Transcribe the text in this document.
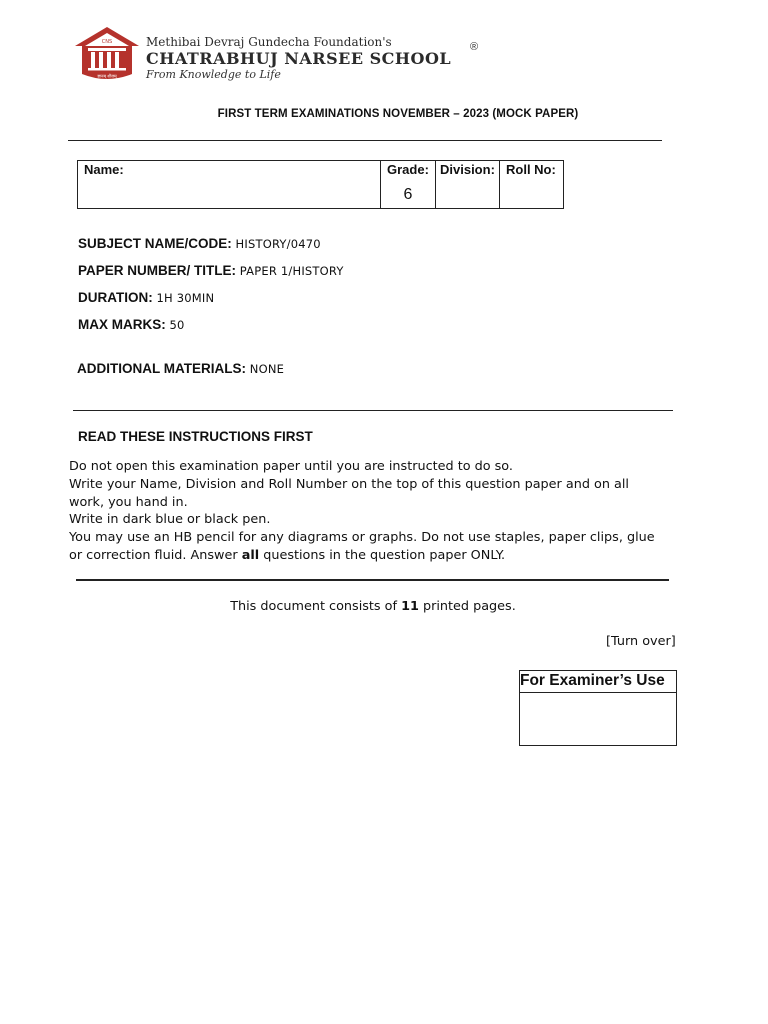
CNS
ज्ञानम् शीलम्
Methibai Devraj Gundecha Foundation's
CHATRABHUJ NARSEE SCHOOL
®
From Knowledge to Life
FIRST TERM EXAMINATIONS NOVEMBER – 2023 (MOCK PAPER)
Name:	Grade:
6
Division: Roll No:
SUBJECT NAME/CODE: HISTORY/0470
PAPER NUMBER/ TITLE: PAPER 1/HISTORY
DURATION: 1H 30MIN
MAX MARKS: 50
ADDITIONAL MATERIALS: NONE
READ THESE INSTRUCTIONS FIRST
Do not open this examination paper until you are instructed to do so.
Write your Name, Division and Roll Number on the top of this question paper and on all
work, you hand in.
Write in dark blue or black pen.
You may use an HB pencil for any diagrams or graphs. Do not use staples, paper clips, glue
or correction fluid. Answer all questions in the question paper ONLY.
This document consists of 11 printed pages.
[Turn over]
For Examiner’s Use
